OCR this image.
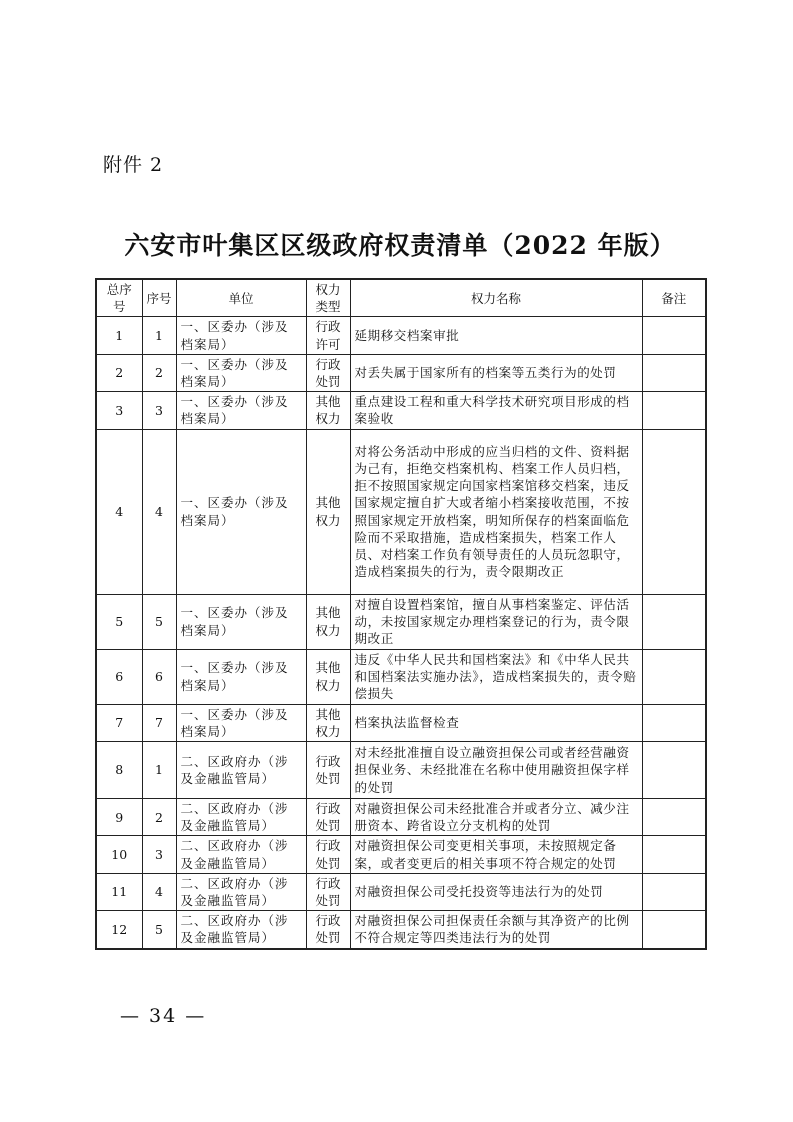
附件 2
六安市叶集区区级政府权责清单（2022 年版）
总序号	序号	单位	权力类型	权力名称	备注
1	1	一、区委办（涉及档案局）	行政许可	延期移交档案审批	
2	2	一、区委办（涉及档案局）	行政处罚	对丢失属于国家所有的档案等五类行为的处罚	
3	3	一、区委办（涉及档案局）	其他权力	重点建设工程和重大科学技术研究项目形成的档案验收	
4	4	一、区委办（涉及档案局）	其他权力	对将公务活动中形成的应当归档的文件、资料据为己有，拒绝交档案机构、档案工作人员归档，拒不按照国家规定向国家档案馆移交档案，违反国家规定擅自扩大或者缩小档案接收范围，不按照国家规定开放档案，明知所保存的档案面临危险而不采取措施，造成档案损失，档案工作人员、对档案工作负有领导责任的人员玩忽职守，造成档案损失的行为，责令限期改正	
5	5	一、区委办（涉及档案局）	其他权力	对擅自设置档案馆，擅自从事档案鉴定、评估活动，未按国家规定办理档案登记的行为，责令限期改正	
6	6	一、区委办（涉及档案局）	其他权力	违反《中华人民共和国档案法》和《中华人民共和国档案法实施办法》，造成档案损失的，责令赔偿损失	
7	7	一、区委办（涉及档案局）	其他权力	档案执法监督检查	
8	1	二、区政府办（涉及金融监管局）	行政处罚	对未经批准擅自设立融资担保公司或者经营融资担保业务、未经批准在名称中使用融资担保字样的处罚	
9	2	二、区政府办（涉及金融监管局）	行政处罚	对融资担保公司未经批准合并或者分立、减少注册资本、跨省设立分支机构的处罚	
10	3	二、区政府办（涉及金融监管局）	行政处罚	对融资担保公司变更相关事项，未按照规定备案，或者变更后的相关事项不符合规定的处罚	
11	4	二、区政府办（涉及金融监管局）	行政处罚	对融资担保公司受托投资等违法行为的处罚	
12	5	二、区政府办（涉及金融监管局）	行政处罚	对融资担保公司担保责任余额与其净资产的比例不符合规定等四类违法行为的处罚	
— 34 —
